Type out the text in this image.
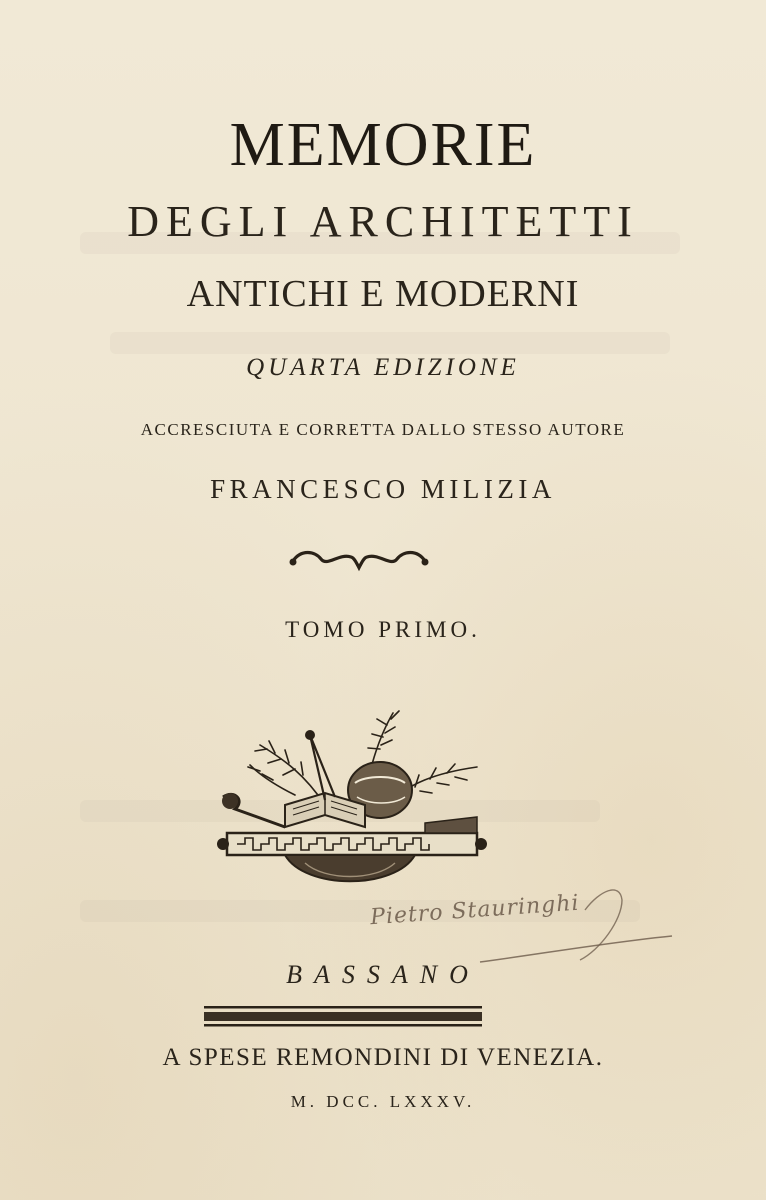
MEMORIE
DEGLI ARCHITETTI
ANTICHI E MODERNI
QUARTA EDIZIONE
ACCRESCIUTA E CORRETTA DALLO STESSO AUTORE
FRANCESCO MILIZIA
TOMO PRIMO.
Pietro Stauringhi
BASSANO
A SPESE REMONDINI DI VENEZIA.
M. DCC. LXXXV.
